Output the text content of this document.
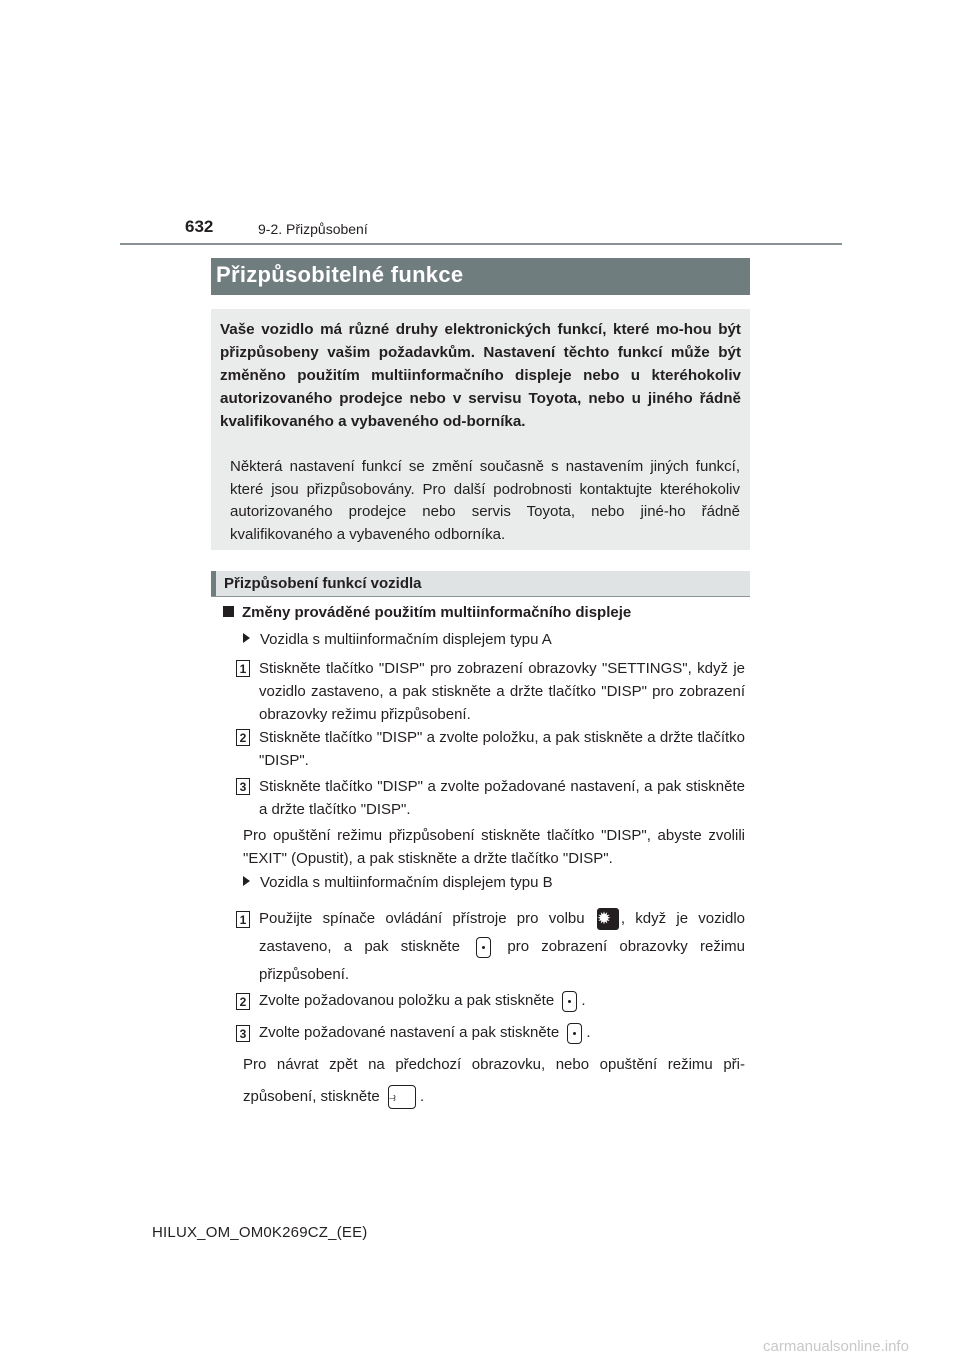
632	9-2. Přizpůsobení
Přizpůsobitelné funkce
Vaše vozidlo má různé druhy elektronických funkcí, které mo-hou být přizpůsobeny vašim požadavkům. Nastavení těchto funkcí může být změněno použitím multiinformačního displeje nebo u kteréhokoliv autorizovaného prodejce nebo v servisu Toyota, nebo u jiného řádně kvalifikovaného a vybaveného od-borníka.
Některá nastavení funkcí se změní současně s nastavením jiných funkcí, které jsou přizpůsobovány. Pro další podrobnosti kontaktujte kteréhokoliv autorizovaného prodejce nebo servis Toyota, nebo jiné-ho řádně kvalifikovaného a vybaveného odborníka.
Přizpůsobení funkcí vozidla
Změny prováděné použitím multiinformačního displeje
Vozidla s multiinformačním displejem typu A
1 Stiskněte tlačítko "DISP" pro zobrazení obrazovky "SETTINGS", když je vozidlo zastaveno, a pak stiskněte a držte tlačítko "DISP" pro zobrazení obrazovky režimu přizpůsobení.
2 Stiskněte tlačítko "DISP" a zvolte položku, a pak stiskněte a držte tlačítko "DISP".
3 Stiskněte tlačítko "DISP" a zvolte požadované nastavení, a pak stiskněte a držte tlačítko "DISP".
Pro opuštění režimu přizpůsobení stiskněte tlačítko "DISP", abyste zvolili "EXIT" (Opustit), a pak stiskněte a držte tlačítko "DISP".
Vozidla s multiinformačním displejem typu B
1 Použijte spínače ovládání přístroje pro volbu ✹ , když je vozidlo zastaveno, a pak stiskněte	pro zobrazení obrazovky režimu přizpůsobení.
2 Zvolte požadovanou položku a pak stiskněte .
3 Zvolte požadované nastavení a pak stiskněte .
Pro návrat zpět na předchozí obrazovku, nebo opuštění režimu při-způsobení, stiskněte ⥽ .
HILUX_OM_OM0K269CZ_(EE)
carmanualsonline.info
